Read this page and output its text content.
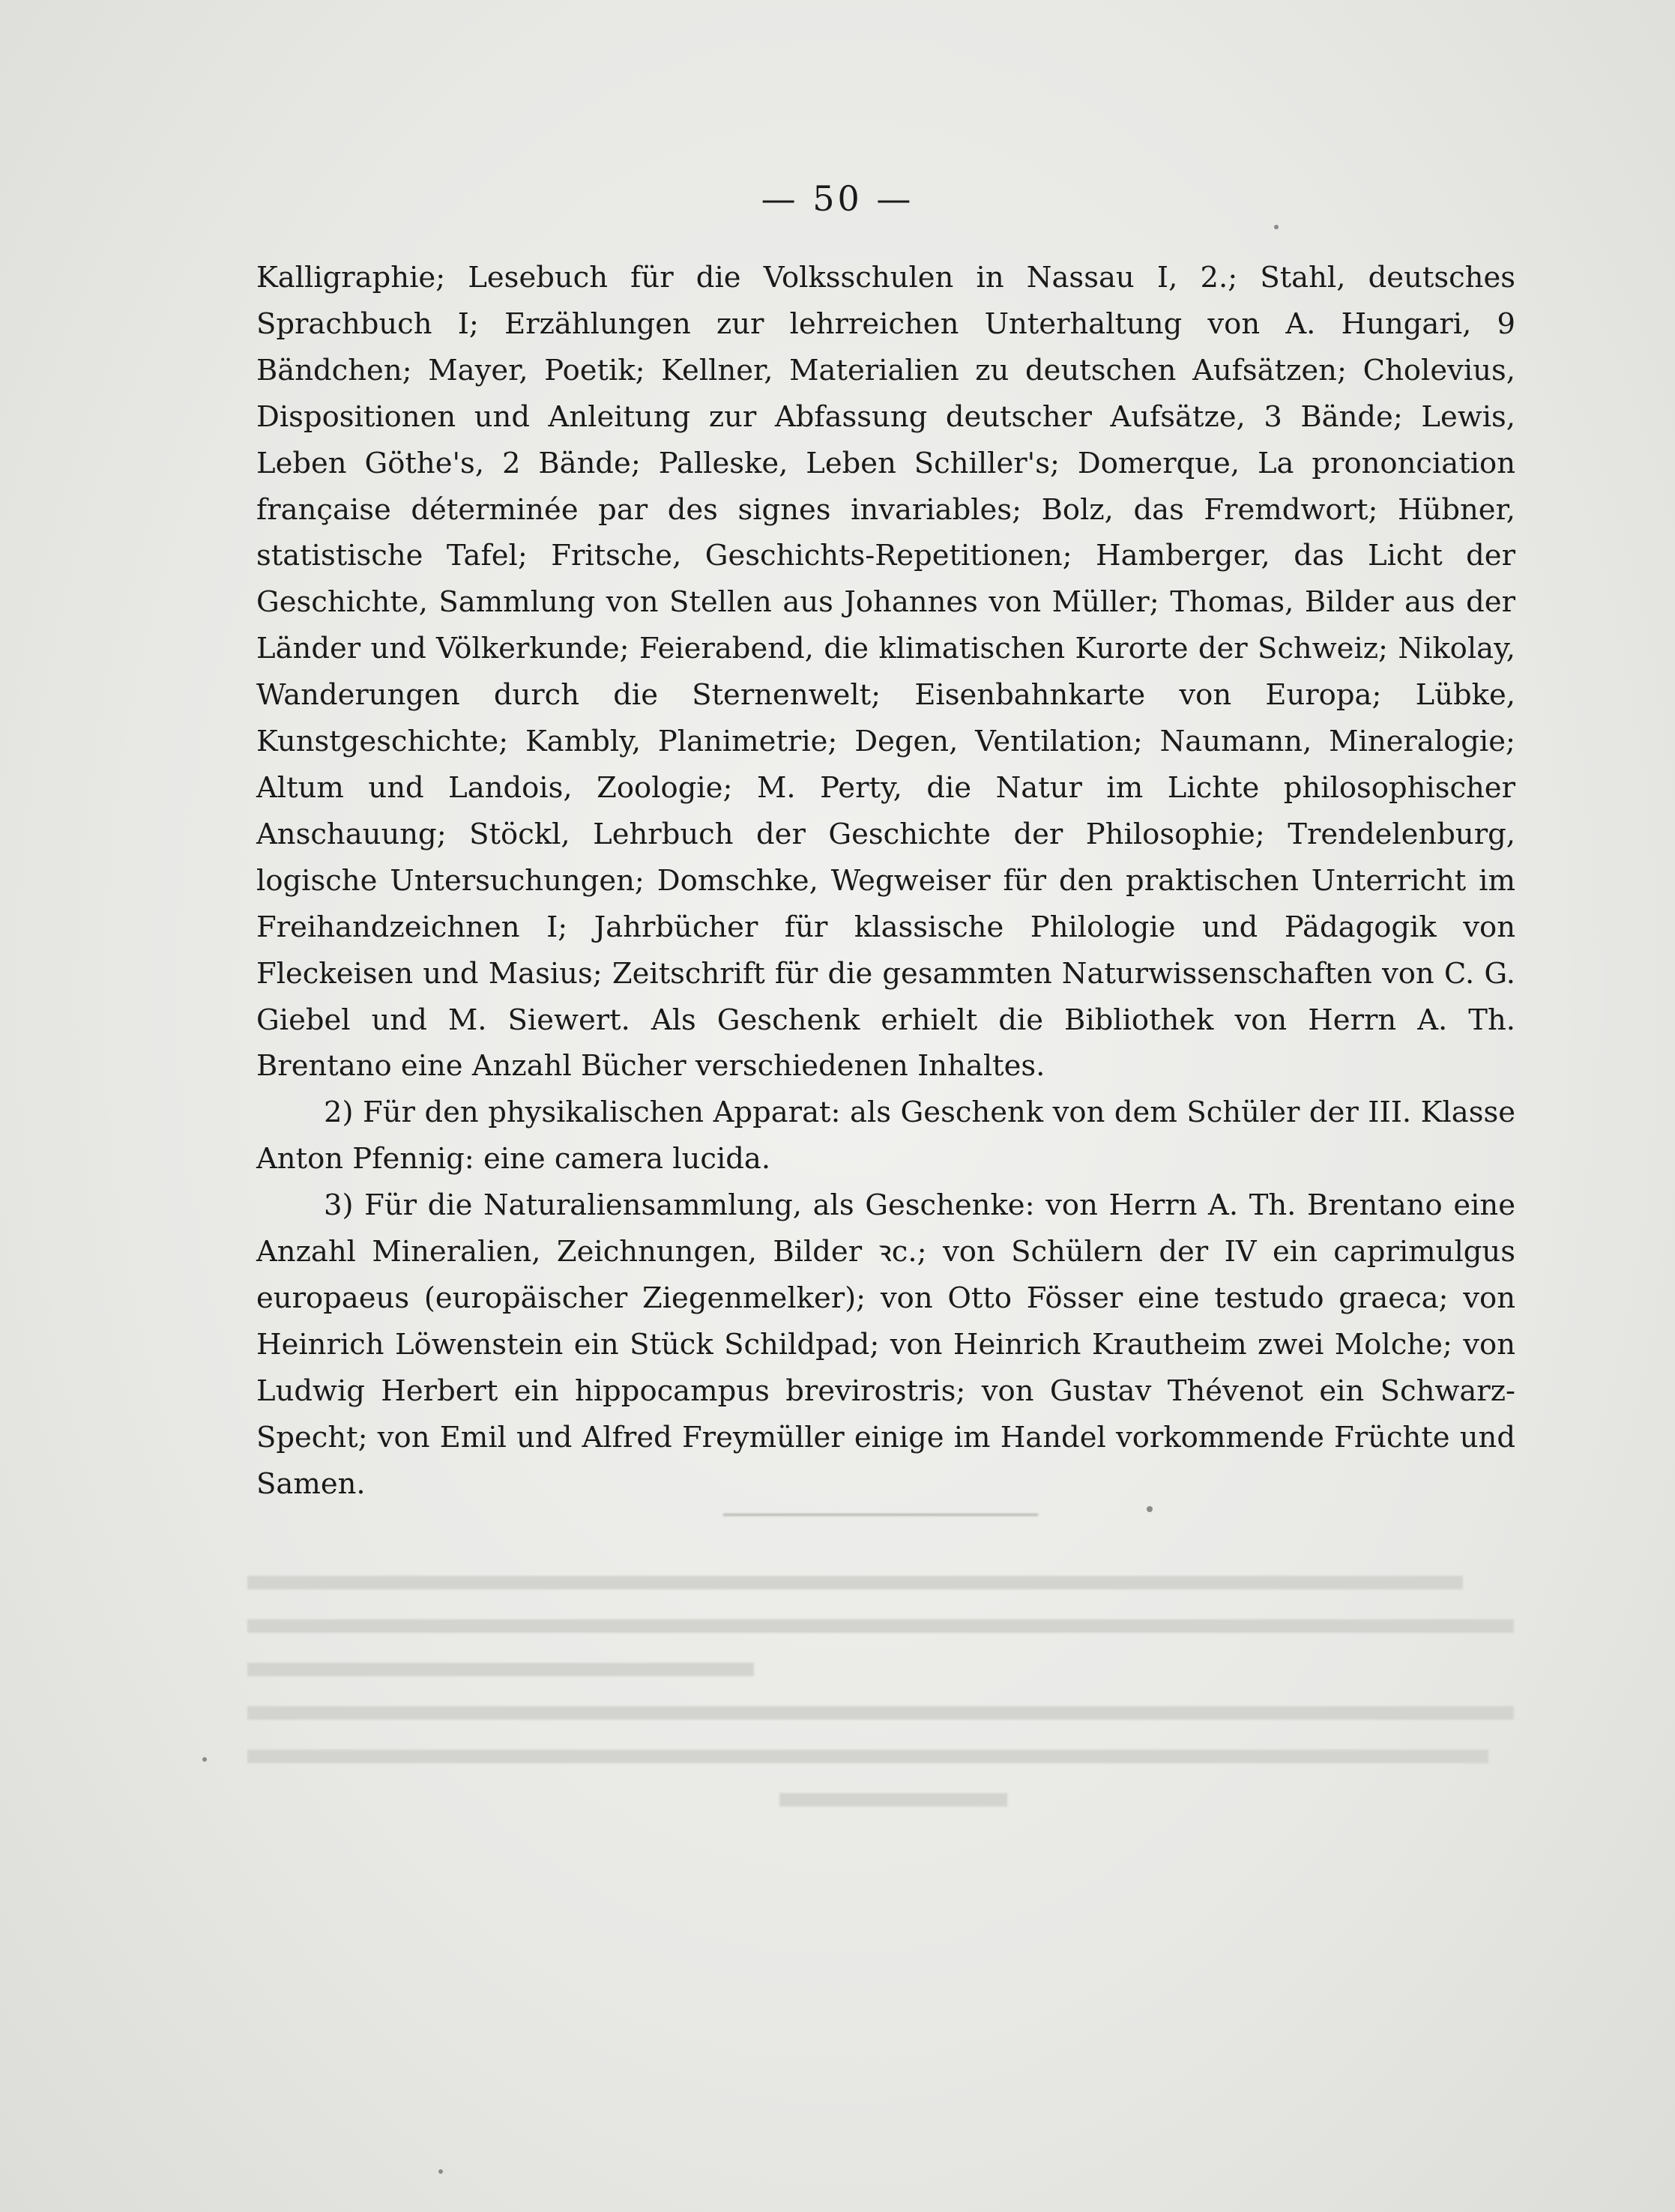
— 50 —

Kalligraphie; Lesebuch für die Volksschulen in Nassau I, 2.; Stahl, deutsches Sprachbuch I; Erzählungen zur lehrreichen Unterhaltung von A. Hungari, 9 Bändchen; Mayer, Poetik; Kellner, Materialien zu deutschen Aufsätzen; Cholevius, Dispositionen und Anleitung zur Abfassung deutscher Aufsätze, 3 Bände; Lewis, Leben Göthe's, 2 Bände; Palleske, Leben Schiller's; Domerque, La prononciation française déterminée par des signes invariables; Bolz, das Fremdwort; Hübner, statistische Tafel; Fritsche, Geschichts-Repetitionen; Hamberger, das Licht der Geschichte, Sammlung von Stellen aus Johannes von Müller; Thomas, Bilder aus der Länder und Völkerkunde; Feierabend, die klimatischen Kurorte der Schweiz; Nikolay, Wanderungen durch die Sternenwelt; Eisenbahnkarte von Europa; Lübke, Kunstgeschichte; Kambly, Planimetrie; Degen, Ventilation; Naumann, Mineralogie; Altum und Landois, Zoologie; M. Perty, die Natur im Lichte philosophischer Anschauung; Stöckl, Lehrbuch der Geschichte der Philosophie; Trendelenburg, logische Untersuchungen; Domschke, Wegweiser für den praktischen Unterricht im Freihandzeichnen I; Jahrbücher für klassische Philologie und Pädagogik von Fleckeisen und Masius; Zeitschrift für die gesammten Naturwissenschaften von C. G. Giebel und M. Siewert. Als Geschenk erhielt die Bibliothek von Herrn A. Th. Brentano eine Anzahl Bücher verschiedenen Inhaltes.

2) Für den physikalischen Apparat: als Geschenk von dem Schüler der III. Klasse Anton Pfennig: eine camera lucida.

3) Für die Naturaliensammlung, als Geschenke: von Herrn A. Th. Brentano eine Anzahl Mineralien, Zeichnungen, Bilder ꝛc.; von Schülern der IV ein caprimulgus europaeus (europäischer Ziegenmelker); von Otto Fösser eine testudo graeca; von Heinrich Löwenstein ein Stück Schildpad; von Heinrich Krautheim zwei Molche; von Ludwig Herbert ein hippocampus brevirostris; von Gustav Thévenot ein Schwarz-Specht; von Emil und Alfred Freymüller einige im Handel vorkommende Früchte und Samen.
